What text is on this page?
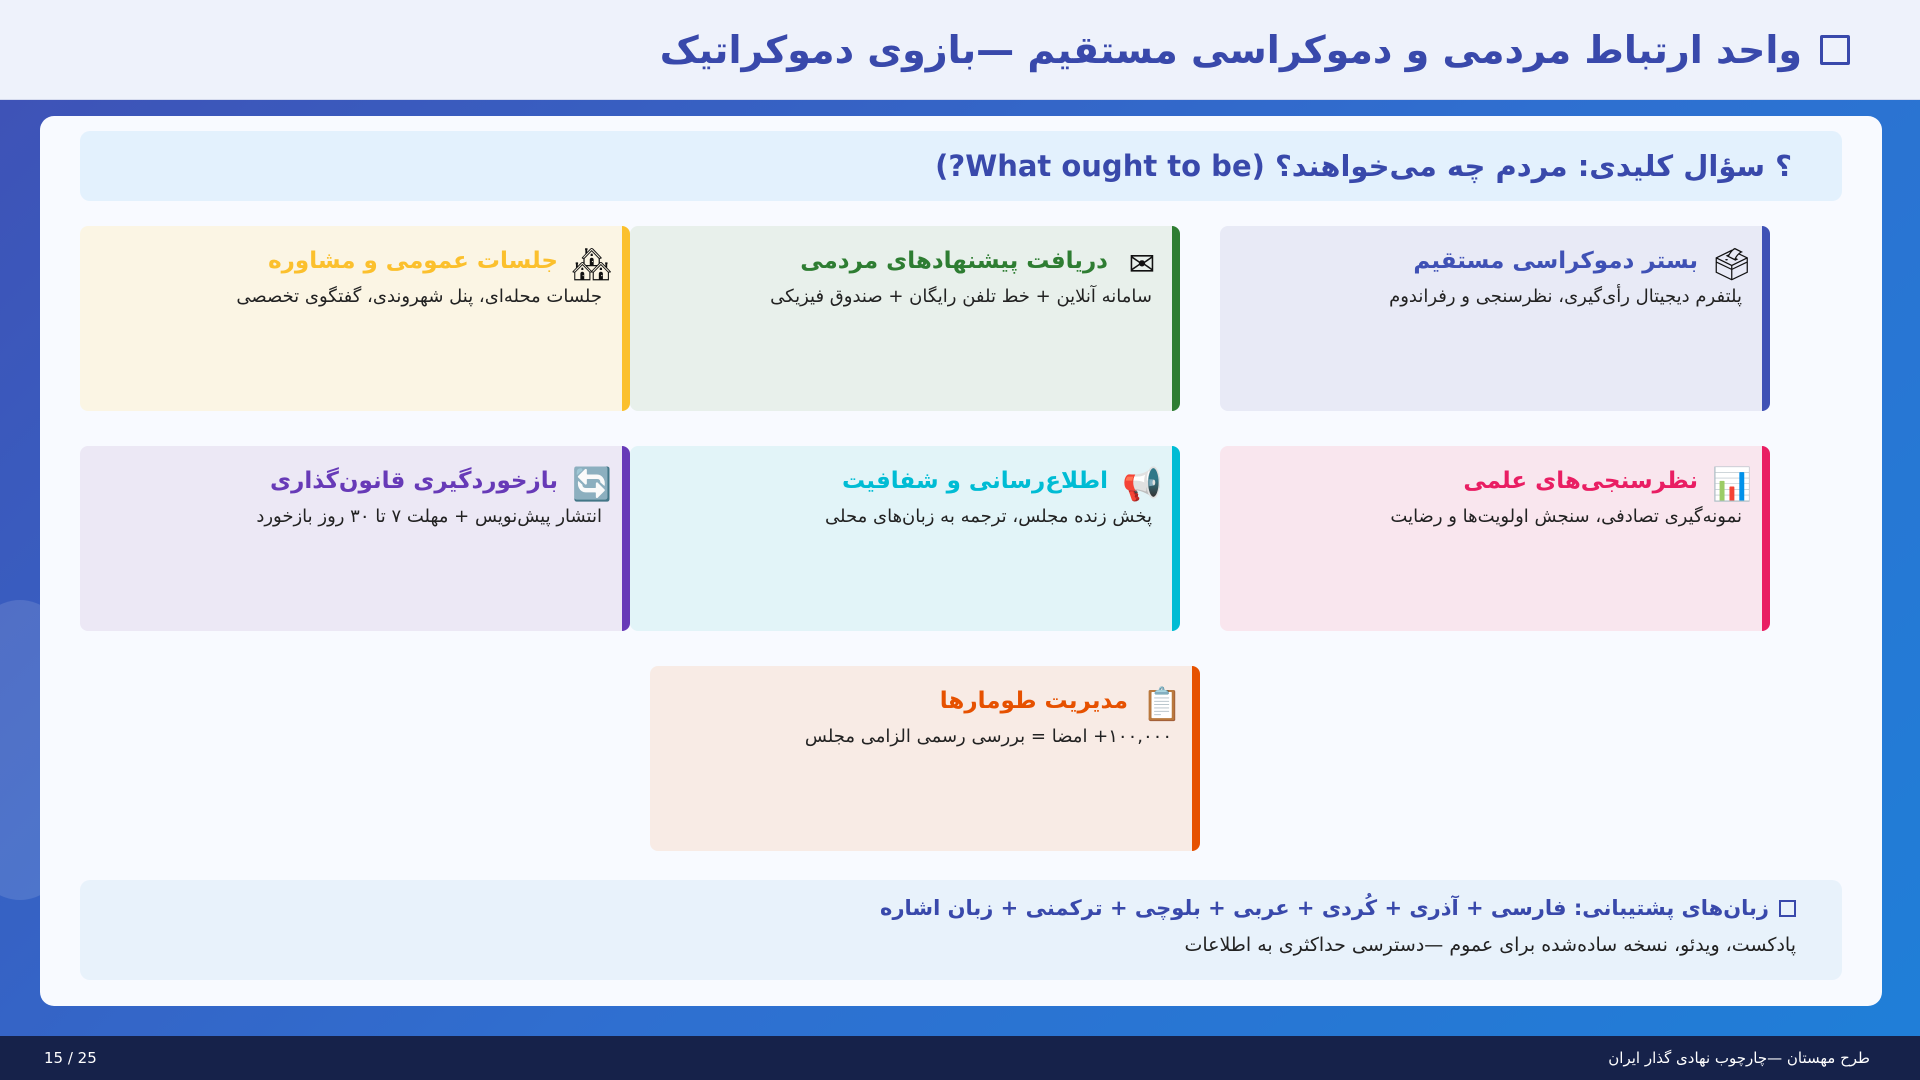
واحد ارتباط مردمی و دموکراسی مستقیم —بازوی دموکراتیک
؟ سؤال کلیدی: مردم چه می‌خواهند؟ (What ought to be?)
🗳
بستر دموکراسی مستقیم
پلتفرم دیجیتال رأی‌گیری، نظرسنجی و رفراندوم
✉
دریافت پیشنهادهای مردمی
سامانه آنلاین + خط تلفن رایگان + صندوق فیزیکی
🏘
جلسات عمومی و مشاوره
جلسات محله‌ای، پنل شهروندی، گفتگوی تخصصی
📊
نظرسنجی‌های علمی
نمونه‌گیری تصادفی، سنجش اولویت‌ها و رضایت
📢
اطلاع‌رسانی و شفافیت
پخش زنده مجلس، ترجمه به زبان‌های محلی
🔄
بازخوردگیری قانون‌گذاری
انتشار پیش‌نویس + مهلت ۷ تا ۳۰ روز بازخورد
📋
مدیریت طومارها
۱۰۰,۰۰۰+ امضا = بررسی رسمی الزامی مجلس
زبان‌های پشتیبانی: فارسی + آذری + کُردی + عربی + بلوچی + ترکمنی + زبان اشاره
پادکست، ویدئو، نسخه ساده‌شده برای عموم —دسترسی حداکثری به اطلاعات
15 / 25	طرح مهستان —چارچوب نهادی گذار ایران
